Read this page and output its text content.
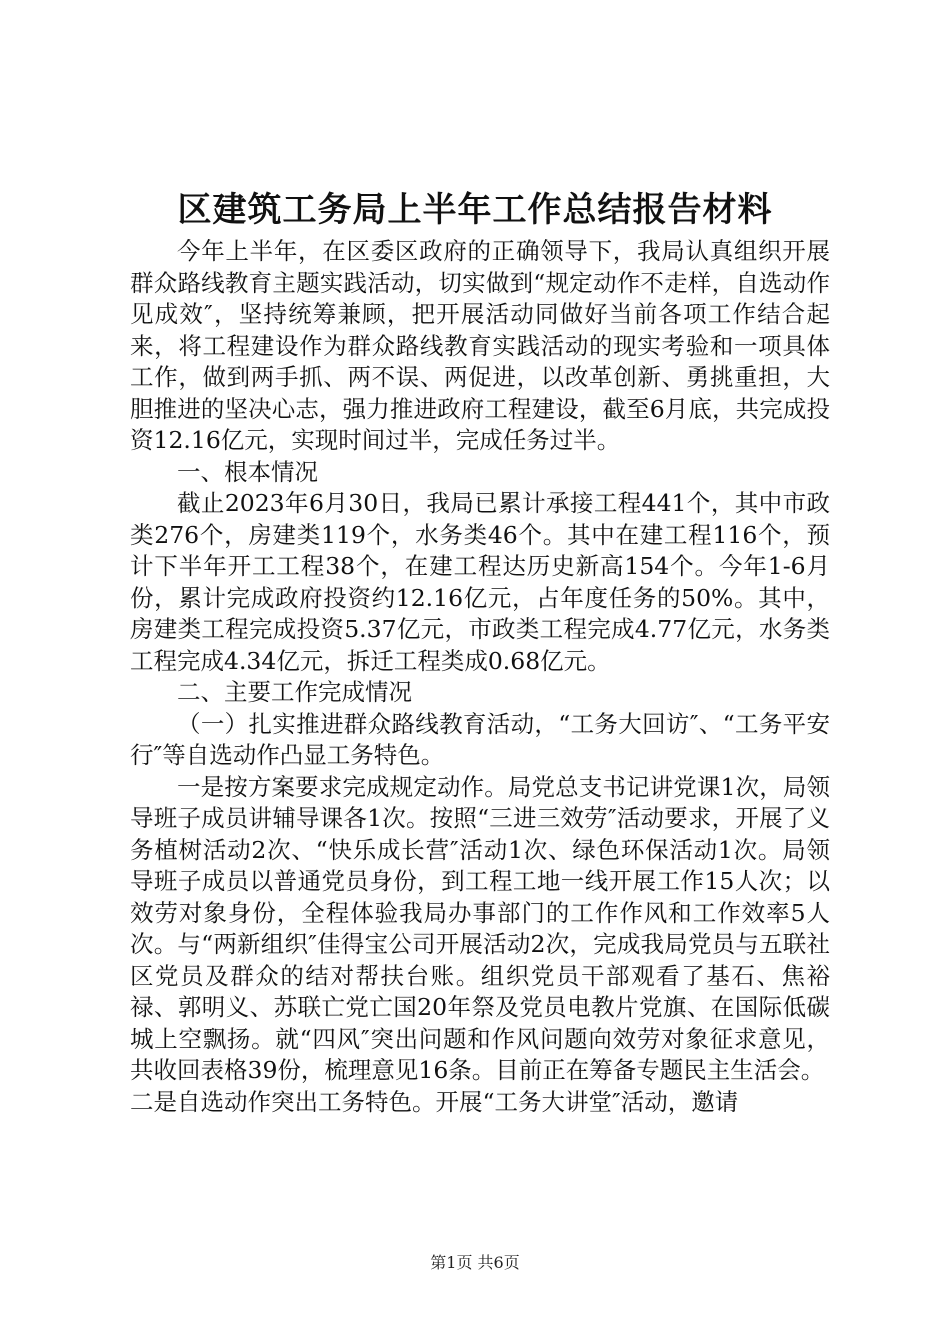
区建筑工务局上半年工作总结报告材料

今年上半年，在区委区政府的正确领导下，我局认真组织开展群众路线教育主题实践活动，切实做到“规定动作不走样，自选动作见成效″，坚持统筹兼顾，把开展活动同做好当前各项工作结合起来，将工程建设作为群众路线教育实践活动的现实考验和一项具体工作，做到两手抓、两不误、两促进，以改革创新、勇挑重担，大胆推进的坚决心志，强力推进政府工程建设，截至6月底，共完成投资12.16亿元，实现时间过半，完成任务过半。

一、根本情况

截止2023年6月30日，我局已累计承接工程441个，其中市政类276个，房建类119个，水务类46个。其中在建工程116个，预计下半年开工工程38个，在建工程达历史新高154个。今年1-6月份，累计完成政府投资约12.16亿元，占年度任务的50%。其中，房建类工程完成投资5.37亿元，市政类工程完成4.77亿元，水务类工程完成4.34亿元，拆迁工程类成0.68亿元。

二、主要工作完成情况

（一）扎实推进群众路线教育活动，“工务大回访″、“工务平安行″等自选动作凸显工务特色。

一是按方案要求完成规定动作。局党总支书记讲党课1次，局领导班子成员讲辅导课各1次。按照“三进三效劳″活动要求，开展了义务植树活动2次、“快乐成长营″活动1次、绿色环保活动1次。局领导班子成员以普通党员身份，到工程工地一线开展工作15人次；以效劳对象身份，全程体验我局办事部门的工作作风和工作效率5人次。与“两新组织″佳得宝公司开展活动2次，完成我局党员与五联社区党员及群众的结对帮扶台账。组织党员干部观看了基石、焦裕禄、郭明义、苏联亡党亡国20年祭及党员电教片党旗、在国际低碳城上空飘扬。就“四风″突出问题和作风问题向效劳对象征求意见，共收回表格39份，梳理意见16条。目前正在筹备专题民主生活会。

二是自选动作突出工务特色。开展“工务大讲堂″活动，邀请

第1页 共6页
